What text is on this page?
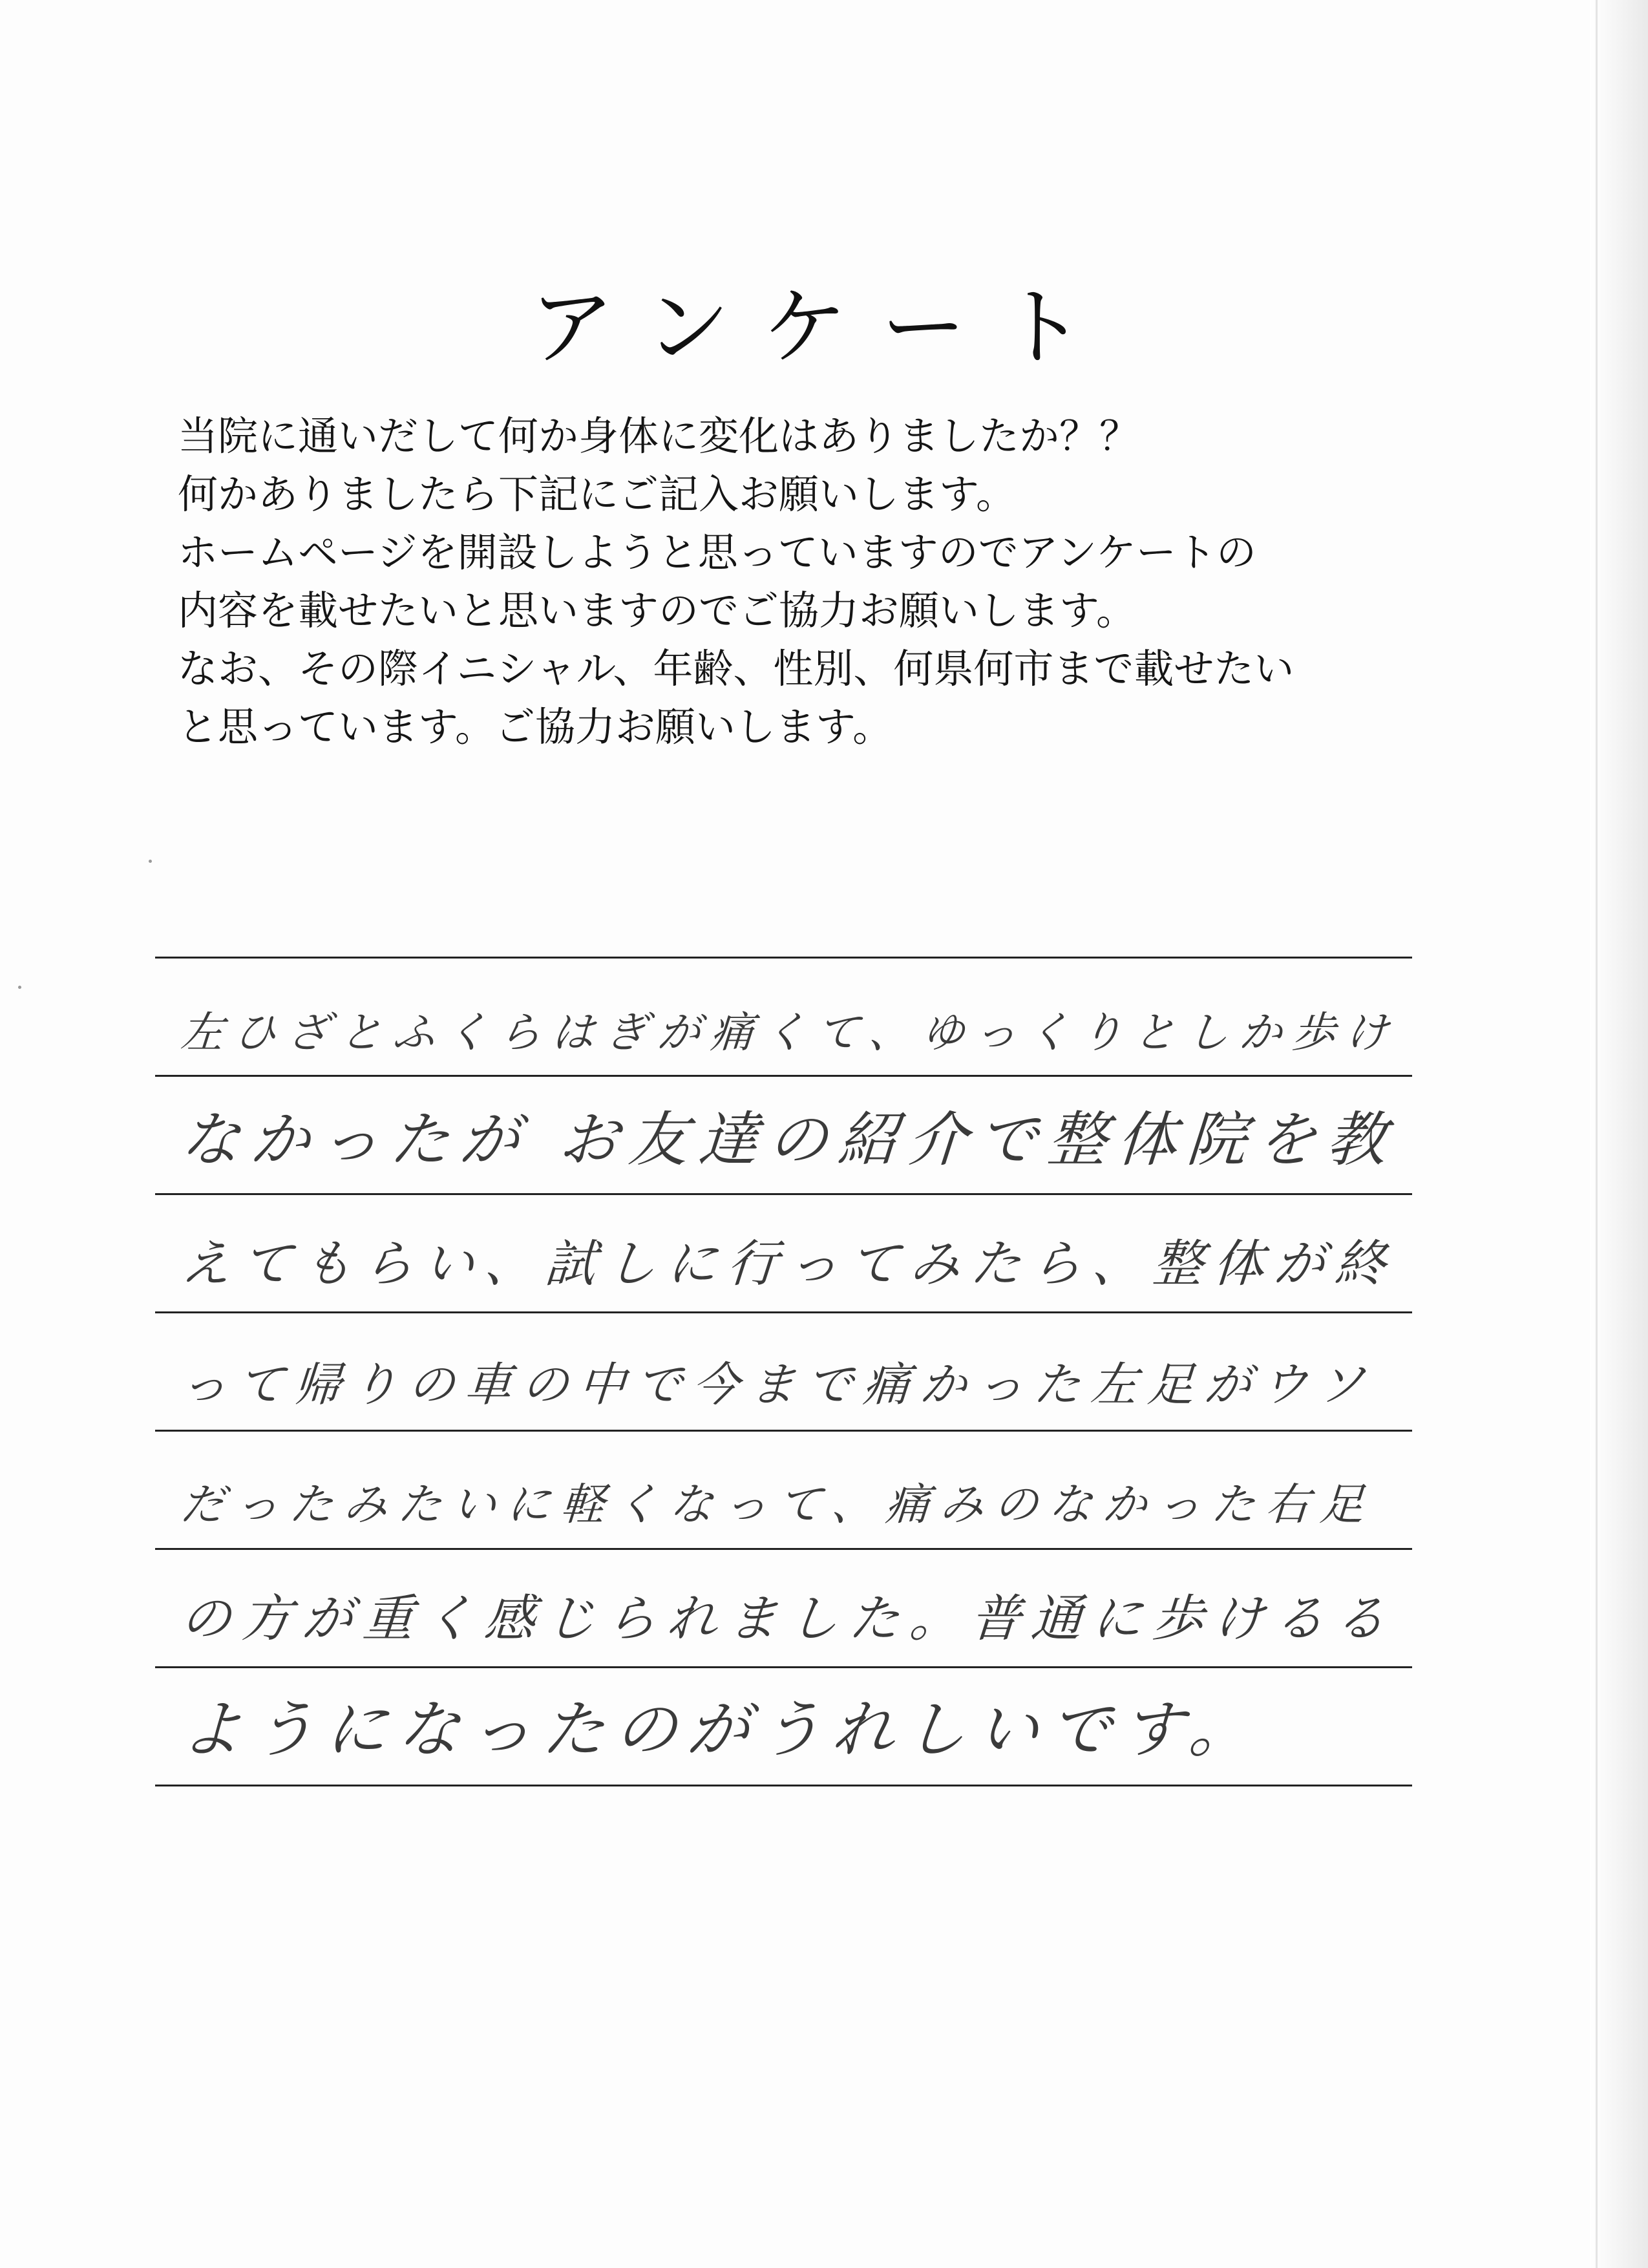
アンケート
当院に通いだして何か身体に変化はありましたか？？
何かありましたら下記にご記入お願いします。
ホームページを開設しようと思っていますのでアンケートの
内容を載せたいと思いますのでご協力お願いします。
なお、その際イニシャル、年齢、性別、何県何市まで載せたい
と思っています。ご協力お願いします。
左ひざとふくらはぎが痛くて、ゆっくりとしか歩け
なかったが お友達の紹介で整体院を教
えてもらい、試しに行ってみたら、整体が終
って帰りの車の中で今まで痛かった左足がウソ
だったみたいに軽くなって、痛みのなかった右足
の方が重く感じられました。普通に歩けるる
ようになったのがうれしいです。
